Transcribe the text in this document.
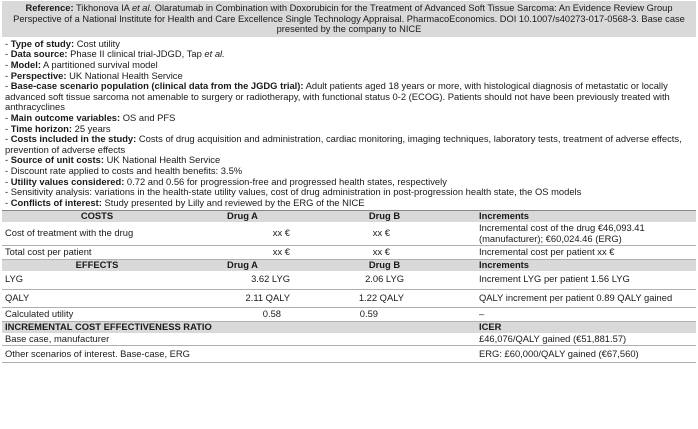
Reference: Tikhonova IA et al. Olaratumab in Combination with Doxorubicin for the Treatment of Advanced Soft Tissue Sarcoma: An Evidence Review Group Perspective of a National Institute for Health and Care Excellence Single Technology Appraisal. PharmacoEconomics. DOI 10.1007/s40273-017-0568-3. Base case presented by the company to NICE
- Type of study: Cost utility
- Data source: Phase II clinical trial-JDGD, Tap et al.
- Model: A partitioned survival model
- Perspective: UK National Health Service
- Base-case scenario population (clinical data from the JGDG trial): Adult patients aged 18 years or more, with histological diagnosis of metastatic or locally advanced soft tissue sarcoma not amenable to surgery or radiotherapy, with functional status 0-2 (ECOG). Patients should not have been previously treated with anthracyclines
- Main outcome variables: OS and PFS
- Time horizon: 25 years
- Costs included in the study: Costs of drug acquisition and administration, cardiac monitoring, imaging techniques, laboratory tests, treatment of adverse effects, prevention of adverse effects
- Source of unit costs: UK National Health Service
- Discount rate applied to costs and health benefits: 3.5%
- Utility values considered: 0.72 and 0.56 for progression-free and progressed health states, respectively
- Sensitivity analysis: variations in the health-state utility values, cost of drug administration in post-progression health state, the OS models
- Conflicts of interest: Study presented by Lilly and reviewed by the ERG of the NICE
COSTS	Drug A	Drug B	Increments
Cost of treatment with the drug	xx €	xx €	Incremental cost of the drug €46,093.41 (manufacturer); €60,024.46 (ERG)
Total cost per patient	xx €	xx €	Incremental cost per patient xx €
EFFECTS	Drug A	Drug B	Increments
LYG	3.62 LYG	2.06 LYG	Increment LYG per patient 1.56 LYG
QALY	2.11 QALY	1.22 QALY	QALY increment per patient 0.89 QALY gained
Calculated utility	0.58	0.59	–
INCREMENTAL COST EFFECTIVENESS RATIO	ICER
Base case, manufacturer	£46,076/QALY gained (€51,881.57)
Other scenarios of interest. Base-case, ERG	ERG: £60,000/QALY gained (€67,560)
